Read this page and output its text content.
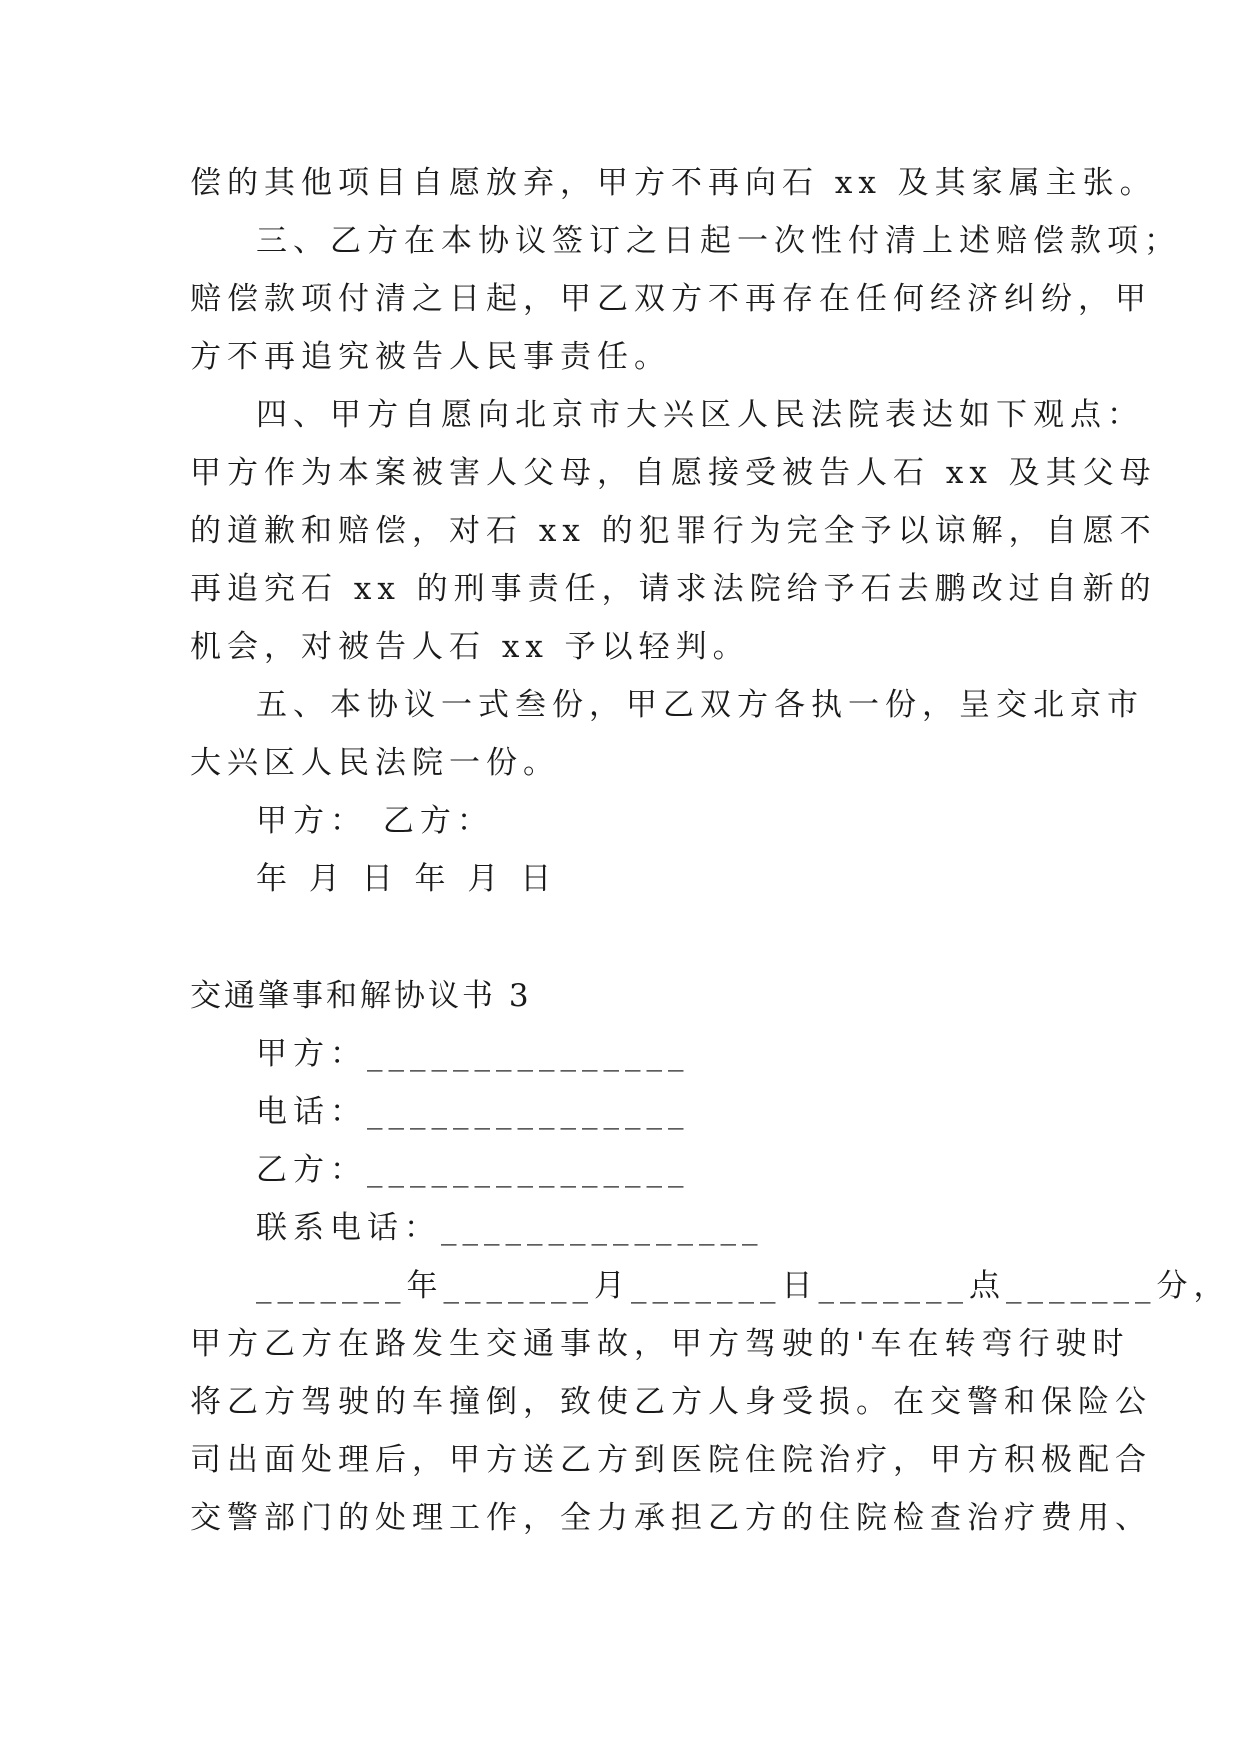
偿的其他项目自愿放弃，甲方不再向石 xx 及其家属主张。
三、乙方在本协议签订之日起一次性付清上述赔偿款项；
赔偿款项付清之日起，甲乙双方不再存在任何经济纠纷，甲
方不再追究被告人民事责任。
四、甲方自愿向北京市大兴区人民法院表达如下观点：
甲方作为本案被害人父母，自愿接受被告人石 xx 及其父母
的道歉和赔偿，对石 xx 的犯罪行为完全予以谅解，自愿不
再追究石 xx 的刑事责任，请求法院给予石去鹏改过自新的
机会，对被告人石 xx 予以轻判。
五、本协议一式叁份，甲乙双方各执一份，呈交北京市
大兴区人民法院一份。
甲方： 乙方：
年 月 日 年 月 日
交通肇事和解协议书 3
甲方：_______________
电话：_______________
乙方：_______________
联系电话：_______________
_______年_______月_______日_______点_______分，
甲方乙方在路发生交通事故，甲方驾驶的'车在转弯行驶时
将乙方驾驶的车撞倒，致使乙方人身受损。在交警和保险公
司出面处理后，甲方送乙方到医院住院治疗，甲方积极配合
交警部门的处理工作，全力承担乙方的住院检查治疗费用、
